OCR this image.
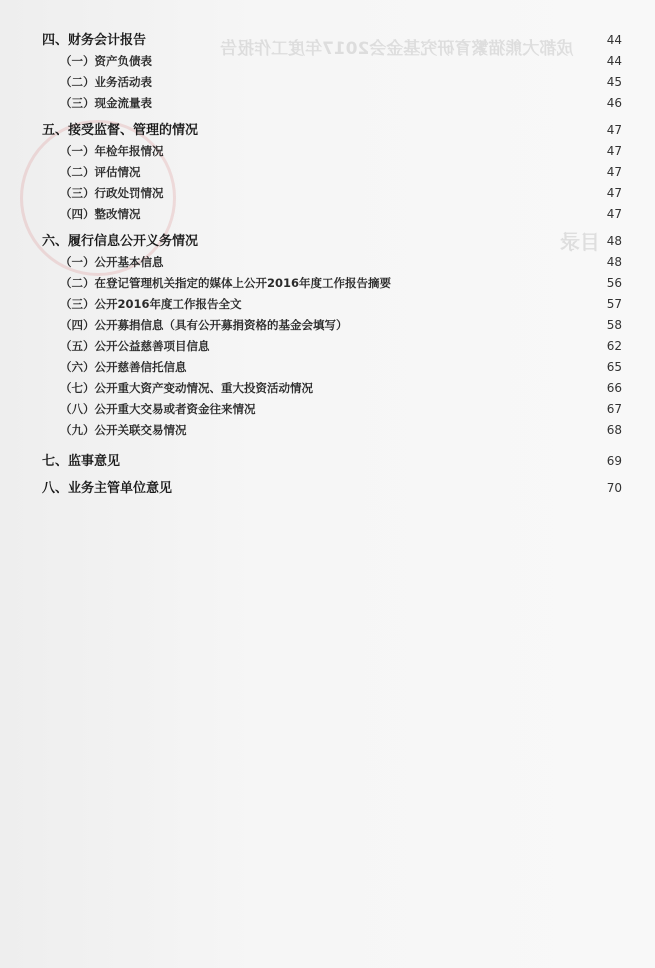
成都大熊猫繁育研究基金会2017年度工作报告
目录
四、财务会计报告	44
（一）资产负债表	44
（二）业务活动表	45
（三）现金流量表	46
五、接受监督、管理的情况	47
（一）年检年报情况	47
（二）评估情况	47
（三）行政处罚情况	47
（四）整改情况	47
六、履行信息公开义务情况	48
（一）公开基本信息	48
（二）在登记管理机关指定的媒体上公开2016年度工作报告摘要	56
（三）公开2016年度工作报告全文	57
（四）公开募捐信息（具有公开募捐资格的基金会填写）	58
（五）公开公益慈善项目信息	62
（六）公开慈善信托信息	65
（七）公开重大资产变动情况、重大投资活动情况	66
（八）公开重大交易或者资金往来情况	67
（九）公开关联交易情况	68
七、监事意见	69
八、业务主管单位意见	70
